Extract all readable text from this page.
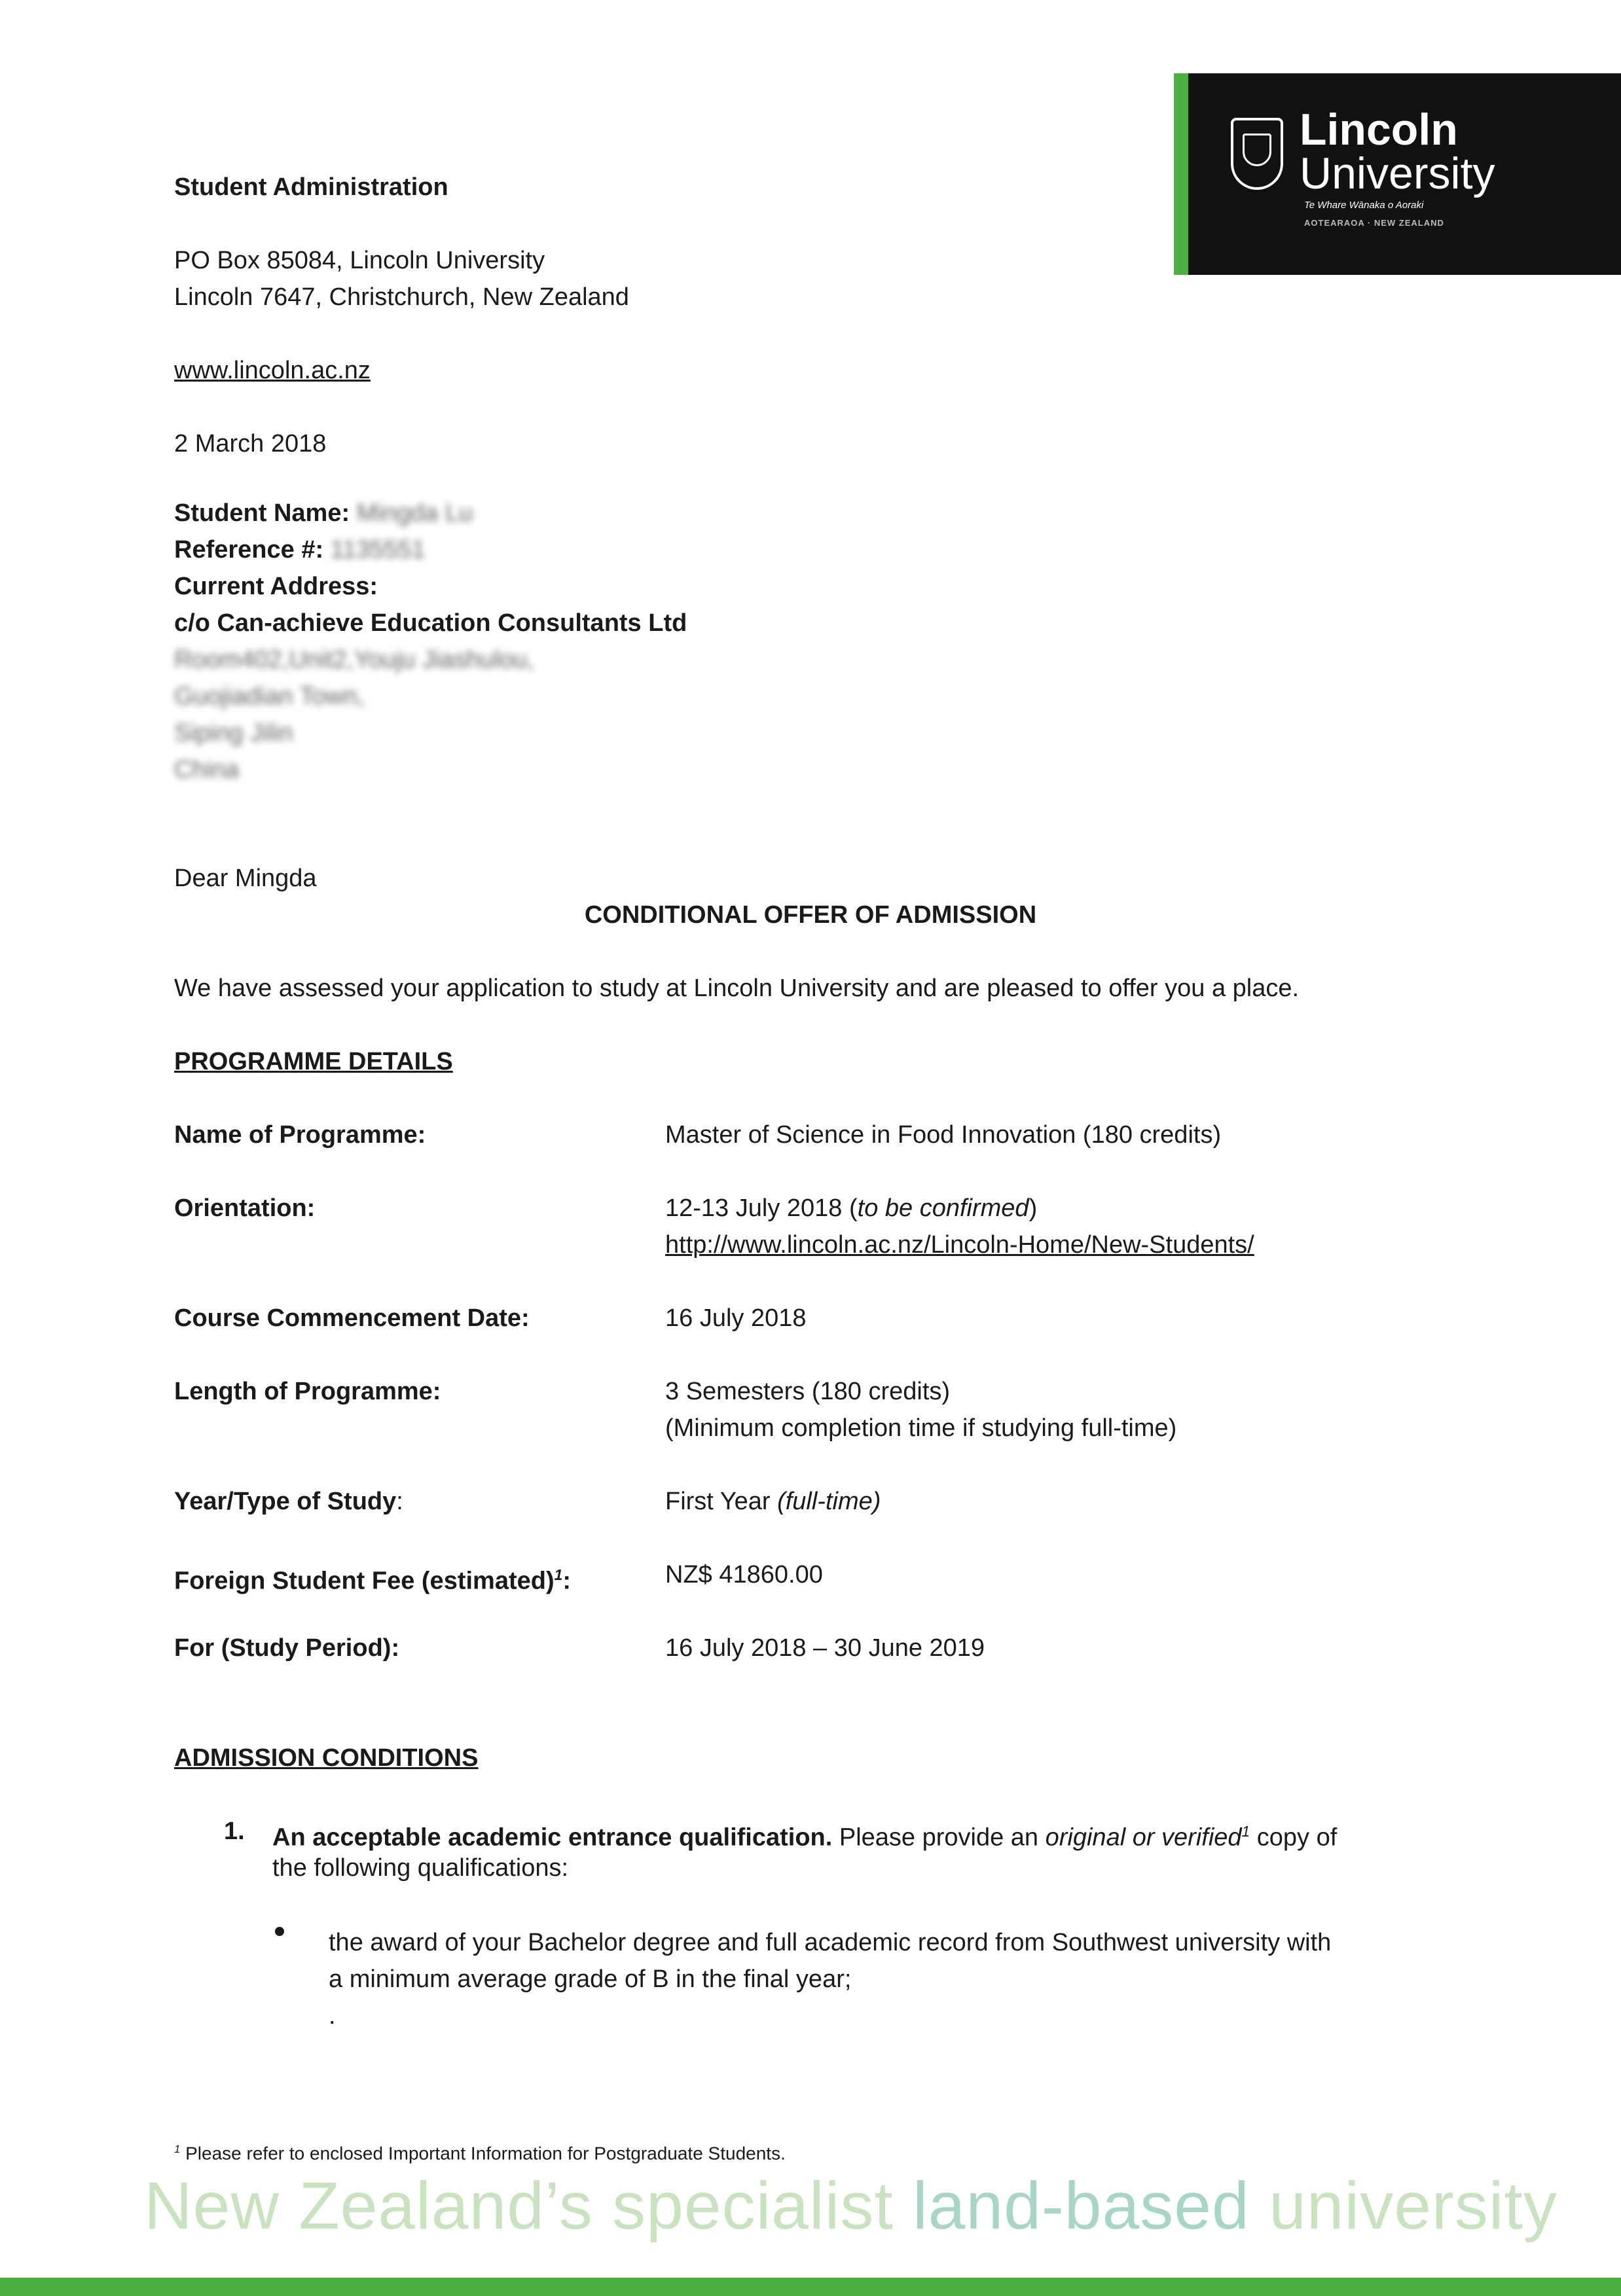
Lincoln
University
Te Whare Wānaka o Aoraki
AOTEARAOA · NEW ZEALAND
Student Administration
PO Box 85084, Lincoln University
Lincoln 7647, Christchurch, New Zealand
www.lincoln.ac.nz
2 March 2018
Student Name: Mingda Lu
Reference #: 1135551
Current Address:
c/o Can-achieve Education Consultants Ltd
Room402,Unit2,Youju Jiashulou,
Guojiadian Town,
Siping Jilin
China
Dear Mingda
CONDITIONAL OFFER OF ADMISSION
We have assessed your application to study at Lincoln University and are pleased to offer you a place.
PROGRAMME DETAILS
Name of Programme:	Master of Science in Food Innovation (180 credits)
Orientation:	12-13 July 2018 (to be confirmed)
http://www.lincoln.ac.nz/Lincoln-Home/New-Students/
Course Commencement Date:	16 July 2018
Length of Programme:	3 Semesters (180 credits)
(Minimum completion time if studying full-time)
Year/Type of Study:	First Year (full-time)
Foreign Student Fee (estimated)$^1$:	NZ$ 41860.00
For (Study Period):	16 July 2018 – 30 June 2019
ADMISSION CONDITIONS
1. An acceptable academic entrance qualification. Please provide an original or verified$^1$ copy of
the following qualifications:
the award of your Bachelor degree and full academic record from Southwest university with
a minimum average grade of B in the final year;
.
$^1$ Please refer to enclosed Important Information for Postgraduate Students.
New Zealand’s specialist land-based university
